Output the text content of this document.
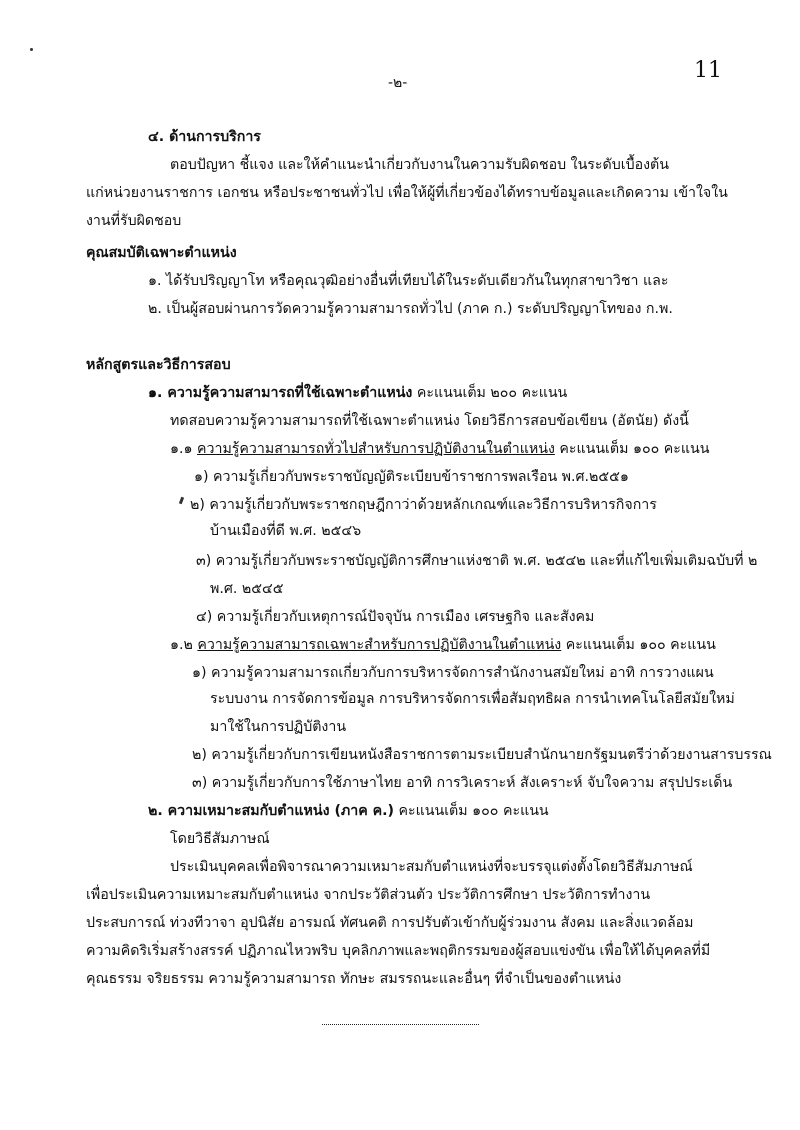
-๒-	11
๔. ด้านการบริการ
ตอบปัญหา ชี้แจง และให้คำแนะนำเกี่ยวกับงานในความรับผิดชอบ ในระดับเบื้องต้น
แก่หน่วยงานราชการ เอกชน หรือประชาชนทั่วไป เพื่อให้ผู้ที่เกี่ยวข้องได้ทราบข้อมูลและเกิดความ เข้าใจใน
งานที่รับผิดชอบ
คุณสมบัติเฉพาะตำแหน่ง
๑. ได้รับปริญญาโท หรือคุณวุฒิอย่างอื่นที่เทียบได้ในระดับเดียวกันในทุกสาขาวิชา และ
๒. เป็นผู้สอบผ่านการวัดความรู้ความสามารถทั่วไป (ภาค ก.) ระดับปริญญาโทของ ก.พ.
หลักสูตรและวิธีการสอบ
๑. ความรู้ความสามารถที่ใช้เฉพาะตำแหน่ง คะแนนเต็ม ๒๐๐ คะแนน
ทดสอบความรู้ความสามารถที่ใช้เฉพาะตำแหน่ง โดยวิธีการสอบข้อเขียน (อัตนัย) ดังนี้
๑.๑ ความรู้ความสามารถทั่วไปสำหรับการปฏิบัติงานในตำแหน่ง คะแนนเต็ม ๑๐๐ คะแนน
๑) ความรู้เกี่ยวกับพระราชบัญญัติระเบียบข้าราชการพลเรือน พ.ศ.๒๕๕๑
๒) ความรู้เกี่ยวกับพระราชกฤษฎีกาว่าด้วยหลักเกณฑ์และวิธีการบริหารกิจการ
บ้านเมืองที่ดี พ.ศ. ๒๕๔๖
๓) ความรู้เกี่ยวกับพระราชบัญญัติการศึกษาแห่งชาติ พ.ศ. ๒๕๔๒ และที่แก้ไขเพิ่มเติมฉบับที่ ๒
พ.ศ. ๒๕๔๕
๔) ความรู้เกี่ยวกับเหตุการณ์ปัจจุบัน การเมือง เศรษฐกิจ และสังคม
๑.๒ ความรู้ความสามารถเฉพาะสำหรับการปฏิบัติงานในตำแหน่ง คะแนนเต็ม ๑๐๐ คะแนน
๑) ความรู้ความสามารถเกี่ยวกับการบริหารจัดการสำนักงานสมัยใหม่ อาทิ การวางแผน
ระบบงาน การจัดการข้อมูล การบริหารจัดการเพื่อสัมฤทธิผล การนำเทคโนโลยีสมัยใหม่
มาใช้ในการปฏิบัติงาน
๒) ความรู้เกี่ยวกับการเขียนหนังสือราชการตามระเบียบสำนักนายกรัฐมนตรีว่าด้วยงานสารบรรณ
๓) ความรู้เกี่ยวกับการใช้ภาษาไทย อาทิ การวิเคราะห์ สังเคราะห์ จับใจความ สรุปประเด็น
๒. ความเหมาะสมกับตำแหน่ง (ภาค ค.) คะแนนเต็ม ๑๐๐ คะแนน
โดยวิธีสัมภาษณ์
ประเมินบุคคลเพื่อพิจารณาความเหมาะสมกับตำแหน่งที่จะบรรจุแต่งตั้งโดยวิธีสัมภาษณ์
เพื่อประเมินความเหมาะสมกับตำแหน่ง จากประวัติส่วนตัว ประวัติการศึกษา ประวัติการทำงาน
ประสบการณ์ ท่วงทีวาจา อุปนิสัย อารมณ์ ทัศนคติ การปรับตัวเข้ากับผู้ร่วมงาน สังคม และสิ่งแวดล้อม
ความคิดริเริ่มสร้างสรรค์ ปฏิภาณไหวพริบ บุคลิกภาพและพฤติกรรมของผู้สอบแข่งขัน เพื่อให้ได้บุคคลที่มี
คุณธรรม จริยธรรม ความรู้ความสามารถ ทักษะ สมรรถนะและอื่นๆ ที่จำเป็นของตำแหน่ง
